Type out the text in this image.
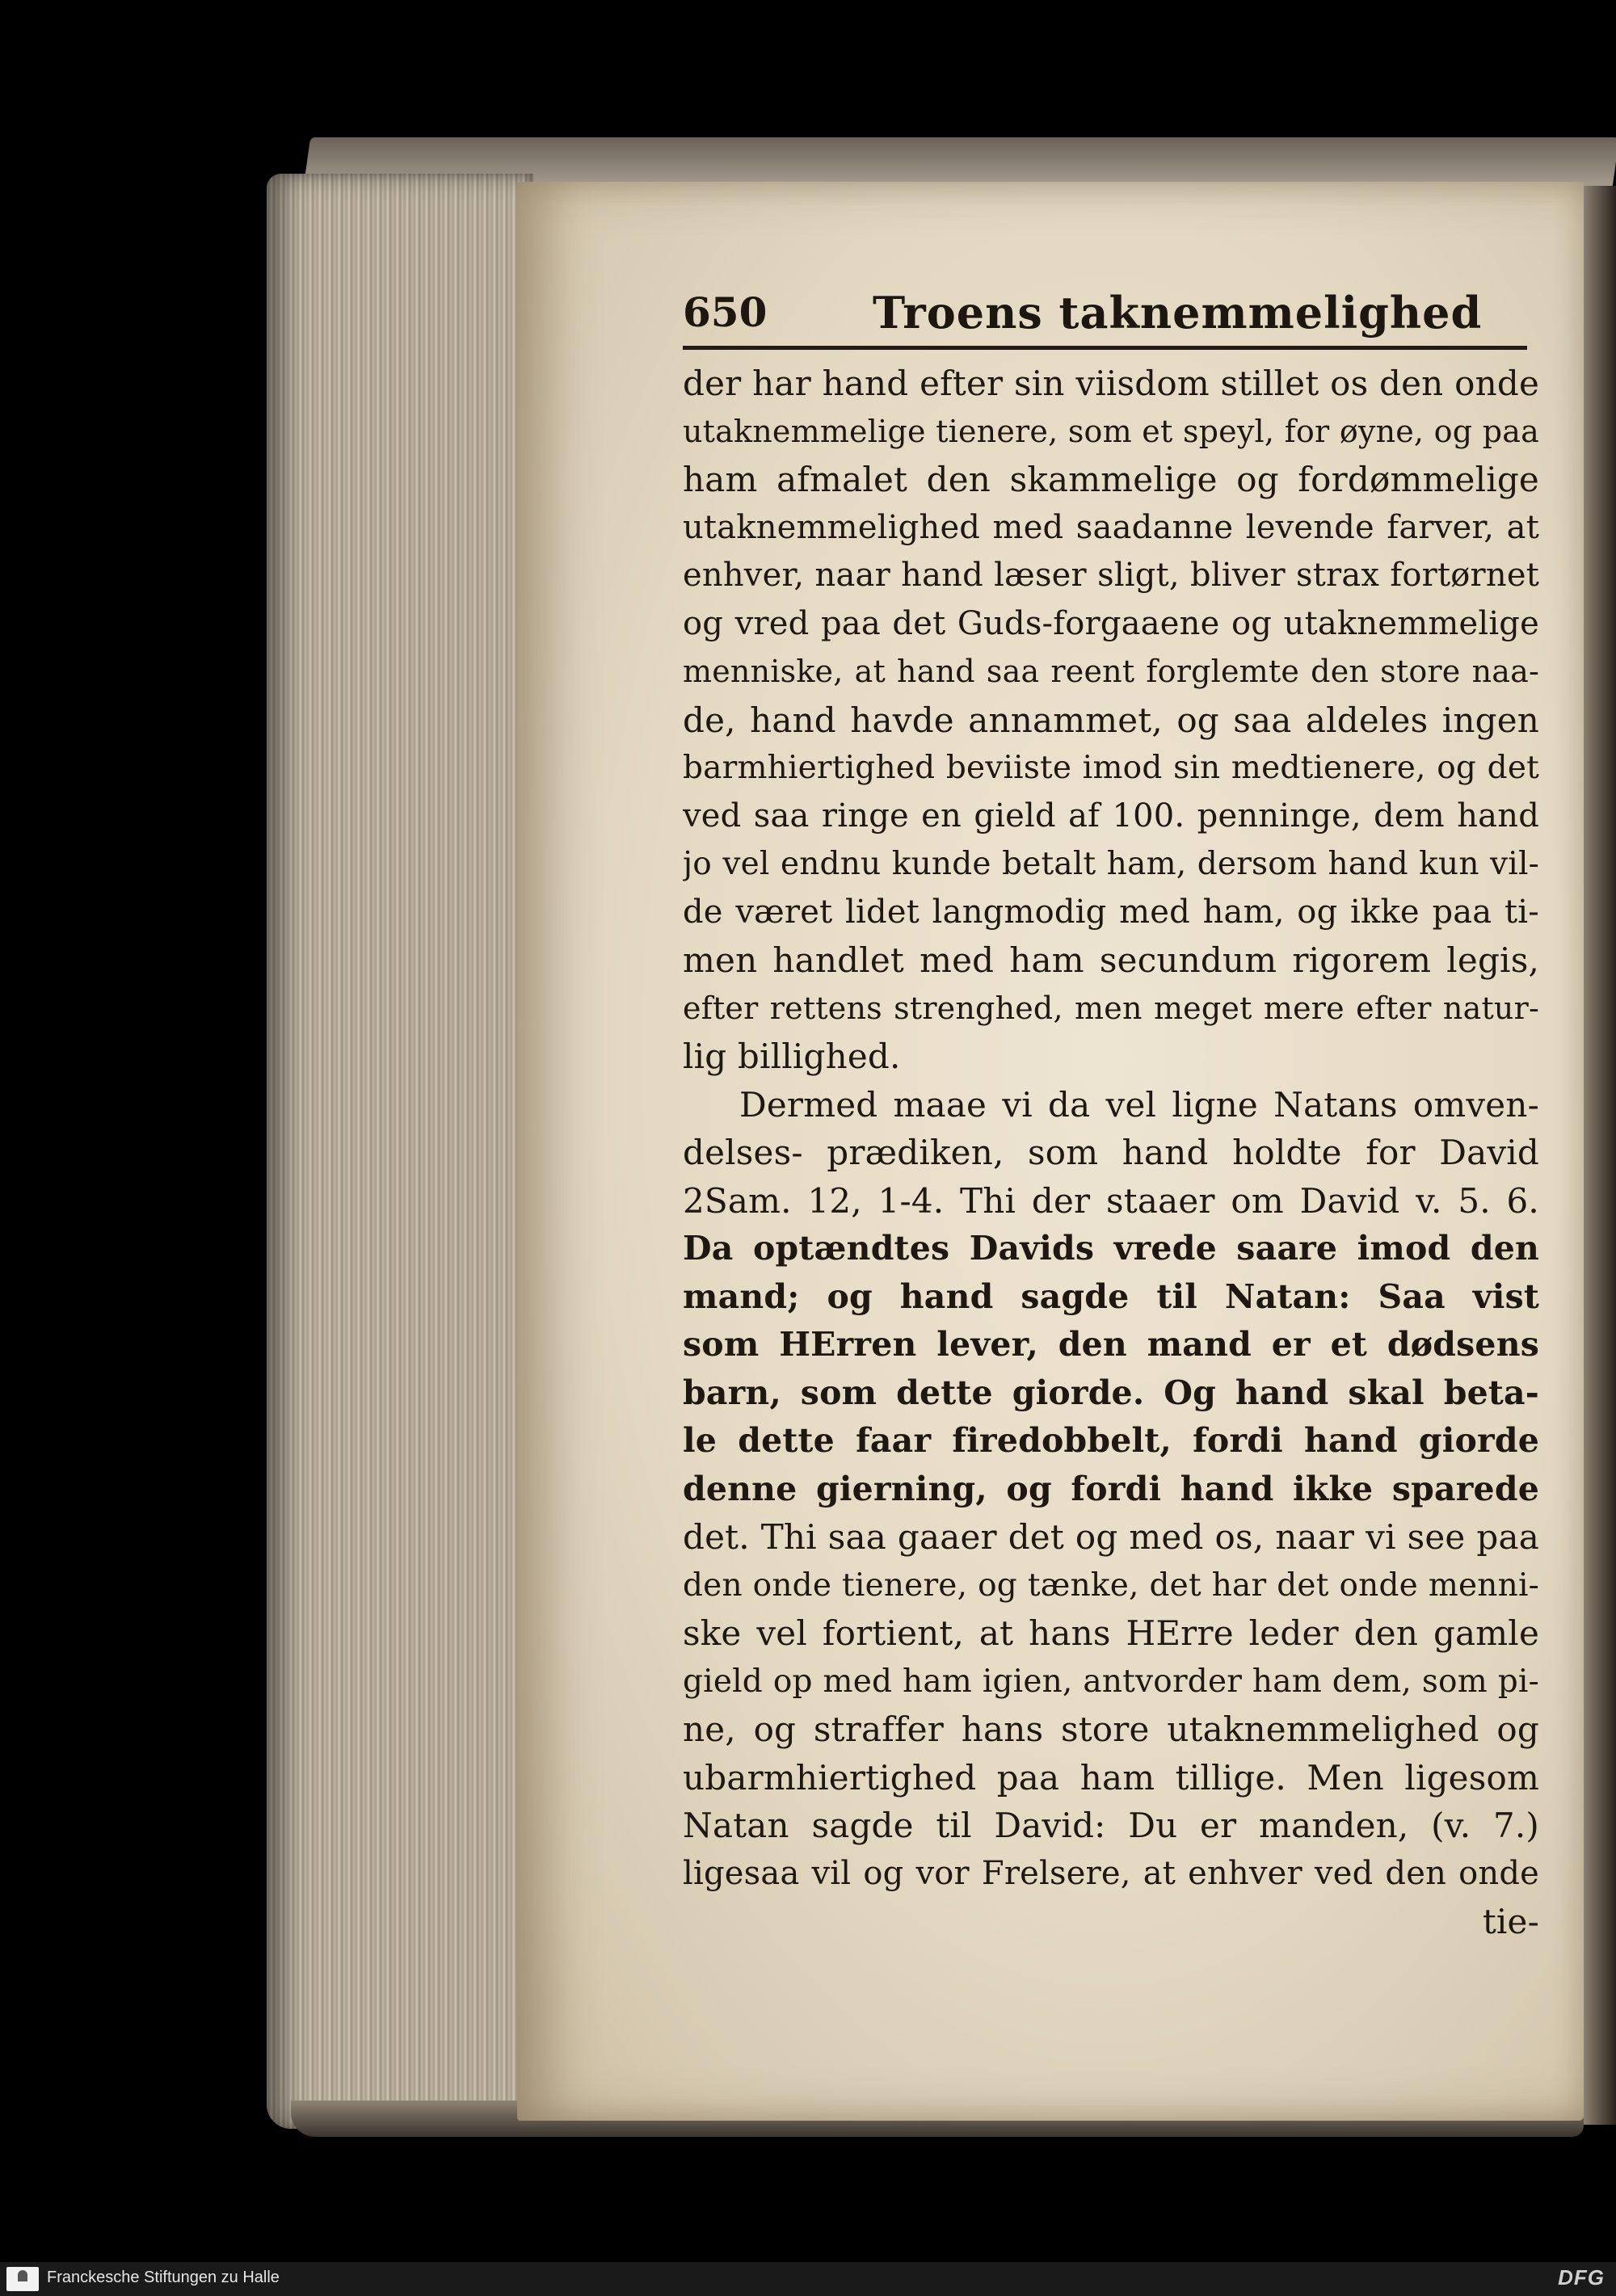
650 Troens taknemmelighed
der har hand efter sin viisdom stillet os den onde
utaknemmelige tienere, som et speyl, for øyne, og paa
ham afmalet den skammelige og fordømmelige
utaknemmelighed med saadanne levende farver, at
enhver, naar hand læser sligt, bliver strax fortørnet
og vred paa det Guds-forgaaene og utaknemmelige
menniske, at hand saa reent forglemte den store naa-
de, hand havde annammet, og saa aldeles ingen
barmhiertighed beviiste imod sin medtienere, og det
ved saa ringe en gield af 100. penninge, dem hand
jo vel endnu kunde betalt ham, dersom hand kun vil-
de været lidet langmodig med ham, og ikke paa ti-
men handlet med ham secundum rigorem legis,
efter rettens strenghed, men meget mere efter natur-
lig billighed.
Dermed maae vi da vel ligne Natans omven-
delses- prædiken, som hand holdte for David
2Sam. 12, 1-4. Thi der staaer om David v. 5. 6.
Da optændtes Davids vrede saare imod den
mand; og hand sagde til Natan: Saa vist
som HErren lever, den mand er et dødsens
barn, som dette giorde. Og hand skal beta-
le dette faar firedobbelt, fordi hand giorde
denne gierning, og fordi hand ikke sparede
det. Thi saa gaaer det og med os, naar vi see paa
den onde tienere, og tænke, det har det onde menni-
ske vel fortient, at hans HErre leder den gamle
gield op med ham igien, antvorder ham dem, som pi-
ne, og straffer hans store utaknemmelighed og
ubarmhiertighed paa ham tillige. Men ligesom
Natan sagde til David: Du er manden, (v. 7.)
ligesaa vil og vor Frelsere, at enhver ved den onde
tie-
Franckesche Stiftungen zu Halle	DFG
